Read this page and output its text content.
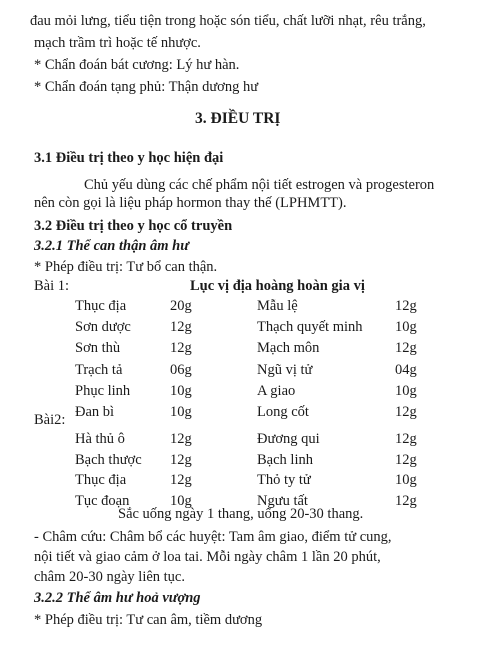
đau mỏi lưng, tiểu tiện trong hoặc són tiểu, chất lưỡi nhạt, rêu trắng,
mạch trầm trì hoặc tế nhược.
* Chẩn đoán bát cương: Lý hư hàn.
* Chẩn đoán tạng phủ: Thận dương hư
3. ĐIỀU TRỊ
3.1 Điều trị theo y học hiện đại
Chủ yếu dùng các chế phẩm nội tiết estrogen và progesteron
nên còn gọi là liệu pháp hormon thay thế (LPHMTT).
3.2 Điều trị theo y học cổ truyền
3.2.1 Thể can thận âm hư
* Phép điều trị: Tư bổ can thận.
Bài 1:	Lục vị địa hoàng hoàn gia vị
Thục địa	20g	Mẫu lệ	12g
Sơn dược	12g	Thạch quyết minh 10g
Sơn thù	12g	Mạch môn	12g
Trạch tả	06g	Ngũ vị tử	04g
Phục linh	10g	A giao	10g
Đan bì	10g	Long cốt	12g
Bài2:
Hà thủ ô	12g	Đương qui	12g
Bạch thược 12g	Bạch linh	12g
Thục địa	12g	Thỏ ty tử	10g
Tục đoạn	10g	Ngưu tất	12g
Sắc uống ngày 1 thang, uống 20-30 thang.
- Châm cứu: Châm bổ các huyệt: Tam âm giao, điểm tử cung,
nội tiết và giao cảm ở loa tai. Mỗi ngày châm 1 lần 20 phút,
châm 20-30 ngày liên tục.
3.2.2 Thể âm hư hoả vượng
* Phép điều trị: Tư can âm, tiềm dương
